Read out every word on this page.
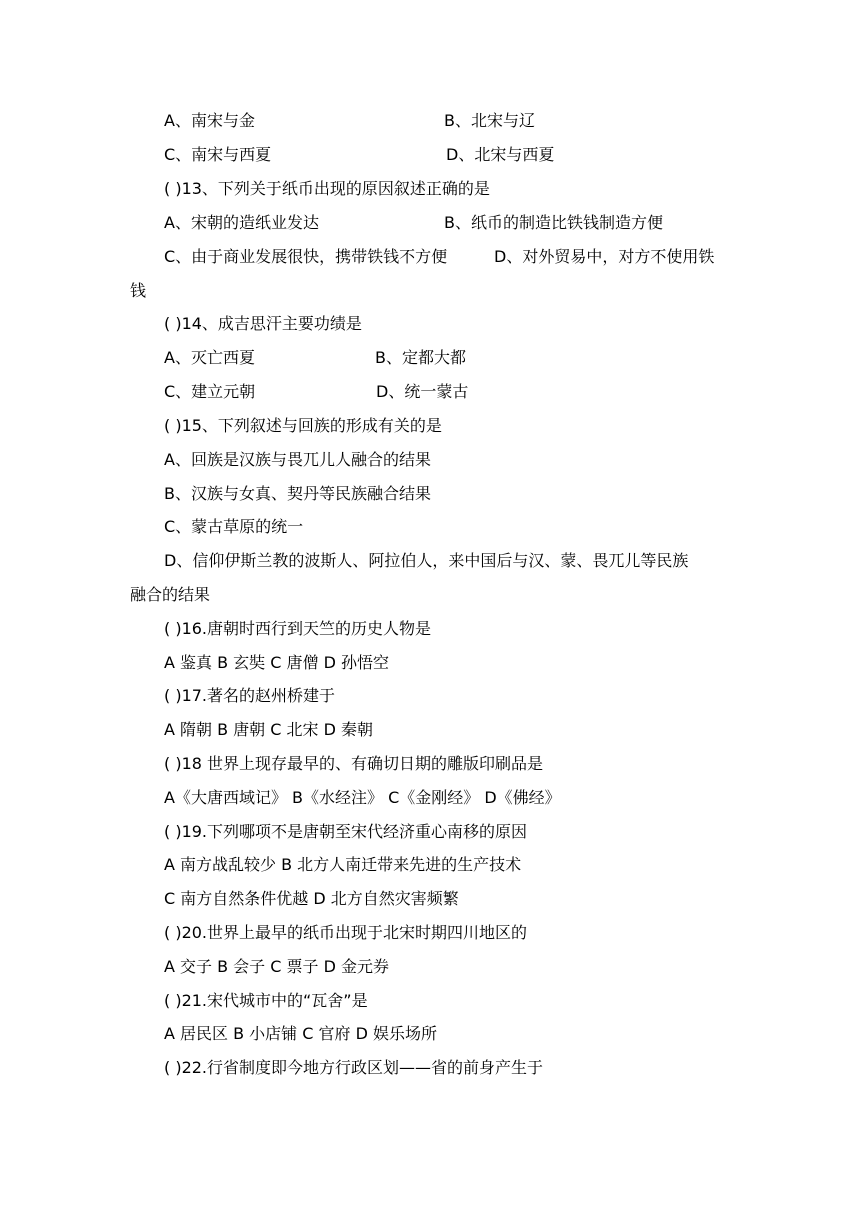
A、南宋与金	B、北宋与辽
C、南宋与西夏	D、北宋与西夏
( )13、下列关于纸币出现的原因叙述正确的是
A、宋朝的造纸业发达	B、纸币的制造比铁钱制造方便
C、由于商业发展很快，携带铁钱不方便	D、对外贸易中，对方不使用铁
钱
( )14、成吉思汗主要功绩是
A、灭亡西夏	B、定都大都
C、建立元朝	D、统一蒙古
( )15、下列叙述与回族的形成有关的是
A、回族是汉族与畏兀儿人融合的结果
B、汉族与女真、契丹等民族融合结果
C、蒙古草原的统一
D、信仰伊斯兰教的波斯人、阿拉伯人，来中国后与汉、蒙、畏兀儿等民族
融合的结果
( )16.唐朝时西行到天竺的历史人物是
A 鉴真 B 玄奘 C 唐僧 D 孙悟空
( )17.著名的赵州桥建于
A 隋朝 B 唐朝 C 北宋 D 秦朝
( )18 世界上现存最早的、有确切日期的雕版印刷品是
A《大唐西域记》 B《水经注》 C《金刚经》 D《佛经》
( )19.下列哪项不是唐朝至宋代经济重心南移的原因
A 南方战乱较少 B 北方人南迁带来先进的生产技术
C 南方自然条件优越 D 北方自然灾害频繁
( )20.世界上最早的纸币出现于北宋时期四川地区的
A 交子 B 会子 C 票子 D 金元券
( )21.宋代城市中的“瓦舍”是
A 居民区 B 小店铺 C 官府 D 娱乐场所
( )22.行省制度即今地方行政区划——省的前身产生于
